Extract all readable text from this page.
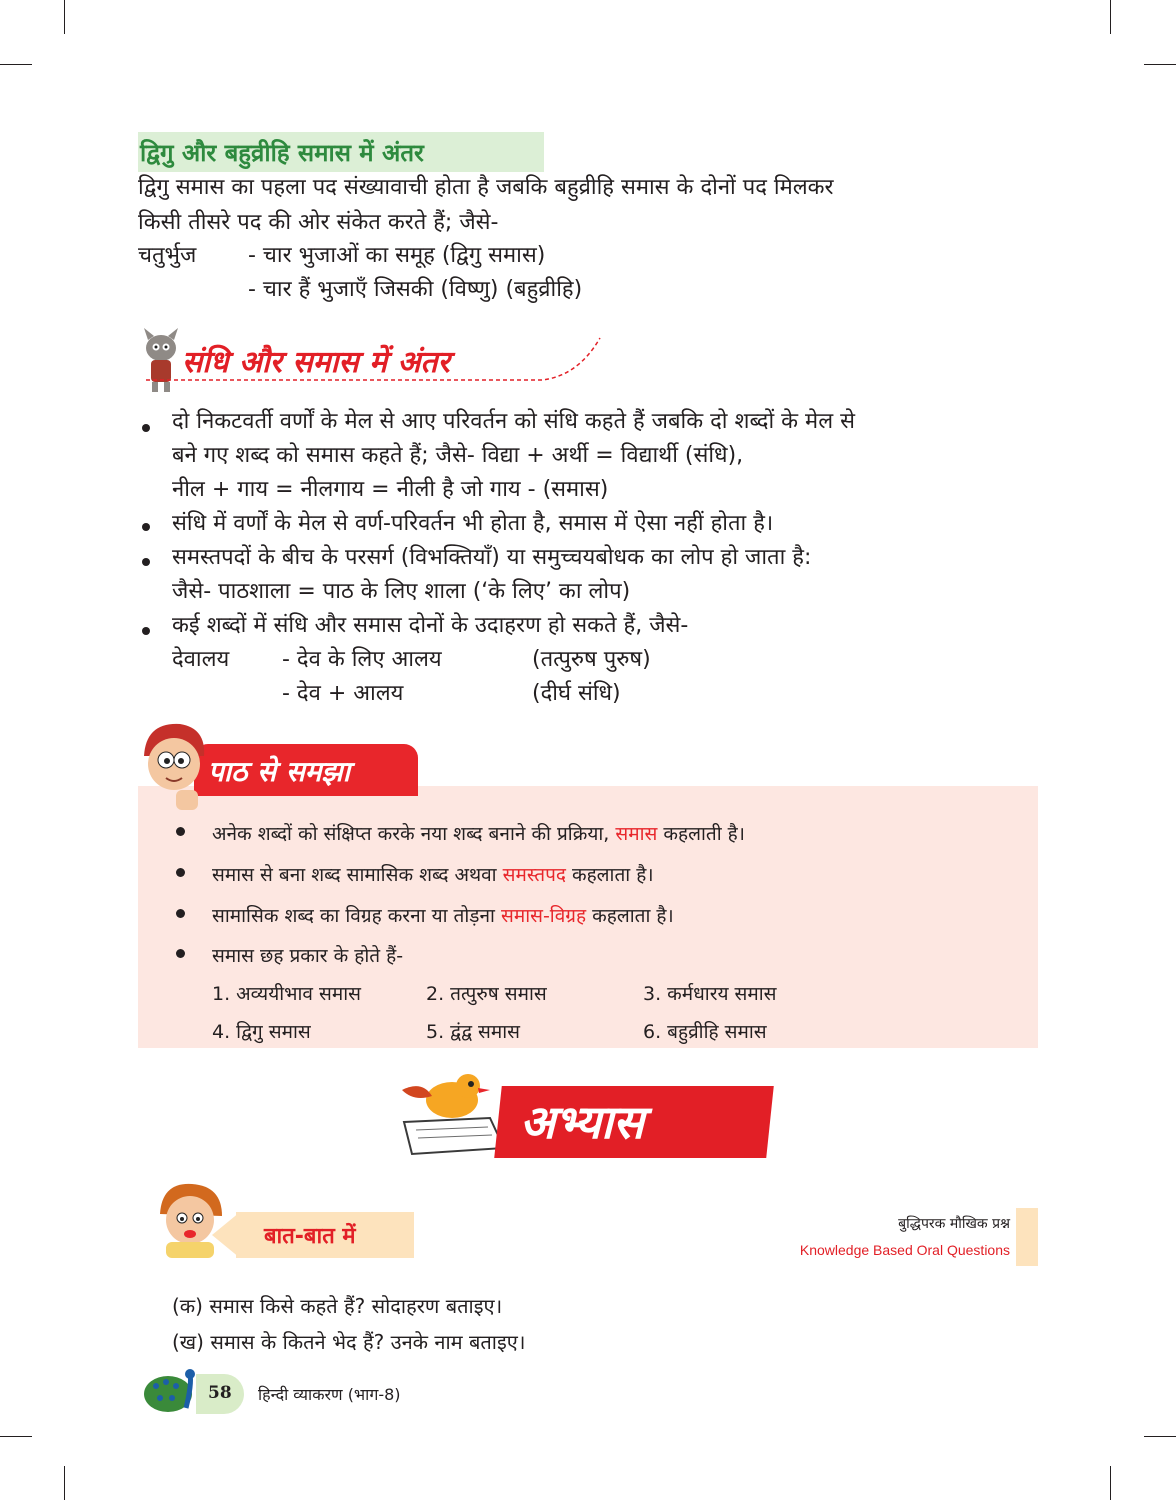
द्विगु और बहुव्रीहि समास में अंतर
द्विगु समास का पहला पद संख्यावाची होता है जबकि बहुव्रीहि समास के दोनों पद मिलकर
किसी तीसरे पद की ओर संकेत करते हैं; जैसे-
चतुर्भुज - चार भुजाओं का समूह (द्विगु समास)
- चार हैं भुजाएँ जिसकी (विष्णु) (बहुव्रीहि)
संधि और समास में अंतर
दो निकटवर्ती वर्णों के मेल से आए परिवर्तन को संधि कहते हैं जबकि दो शब्दों के मेल से
बने गए शब्द को समास कहते हैं; जैसे- विद्या + अर्थी = विद्यार्थी (संधि),
नील + गाय = नीलगाय = नीली है जो गाय - (समास)
संधि में वर्णों के मेल से वर्ण-परिवर्तन भी होता है, समास में ऐसा नहीं होता है।
समस्तपदों के बीच के परसर्ग (विभक्तियाँ) या समुच्चयबोधक का लोप हो जाता है:
जैसे- पाठशाला = पाठ के लिए शाला (‘के लिए’ का लोप)
कई शब्दों में संधि और समास दोनों के उदाहरण हो सकते हैं, जैसे-
देवालय - देव के लिए आलय	(तत्पुरुष पुरुष)
- देव + आलय	(दीर्घ संधि)
पाठ से समझा
अनेक शब्दों को संक्षिप्त करके नया शब्द बनाने की प्रक्रिया, समास कहलाती है।
समास से बना शब्द सामासिक शब्द अथवा समस्तपद कहलाता है।
सामासिक शब्द का विग्रह करना या तोड़ना समास-विग्रह कहलाता है।
समास छह प्रकार के होते हैं-
1. अव्ययीभाव समास	2. तत्पुरुष समास	3. कर्मधारय समास
4. द्विगु समास	5. द्वंद्व समास	6. बहुव्रीहि समास
अभ्यास
बात-बात में	बुद्धिपरक मौखिक प्रश्न
Knowledge Based Oral Questions
(क) समास किसे कहते हैं? सोदाहरण बताइए।
(ख) समास के कितने भेद हैं? उनके नाम बताइए।
58 हिन्दी व्याकरण (भाग-8)
